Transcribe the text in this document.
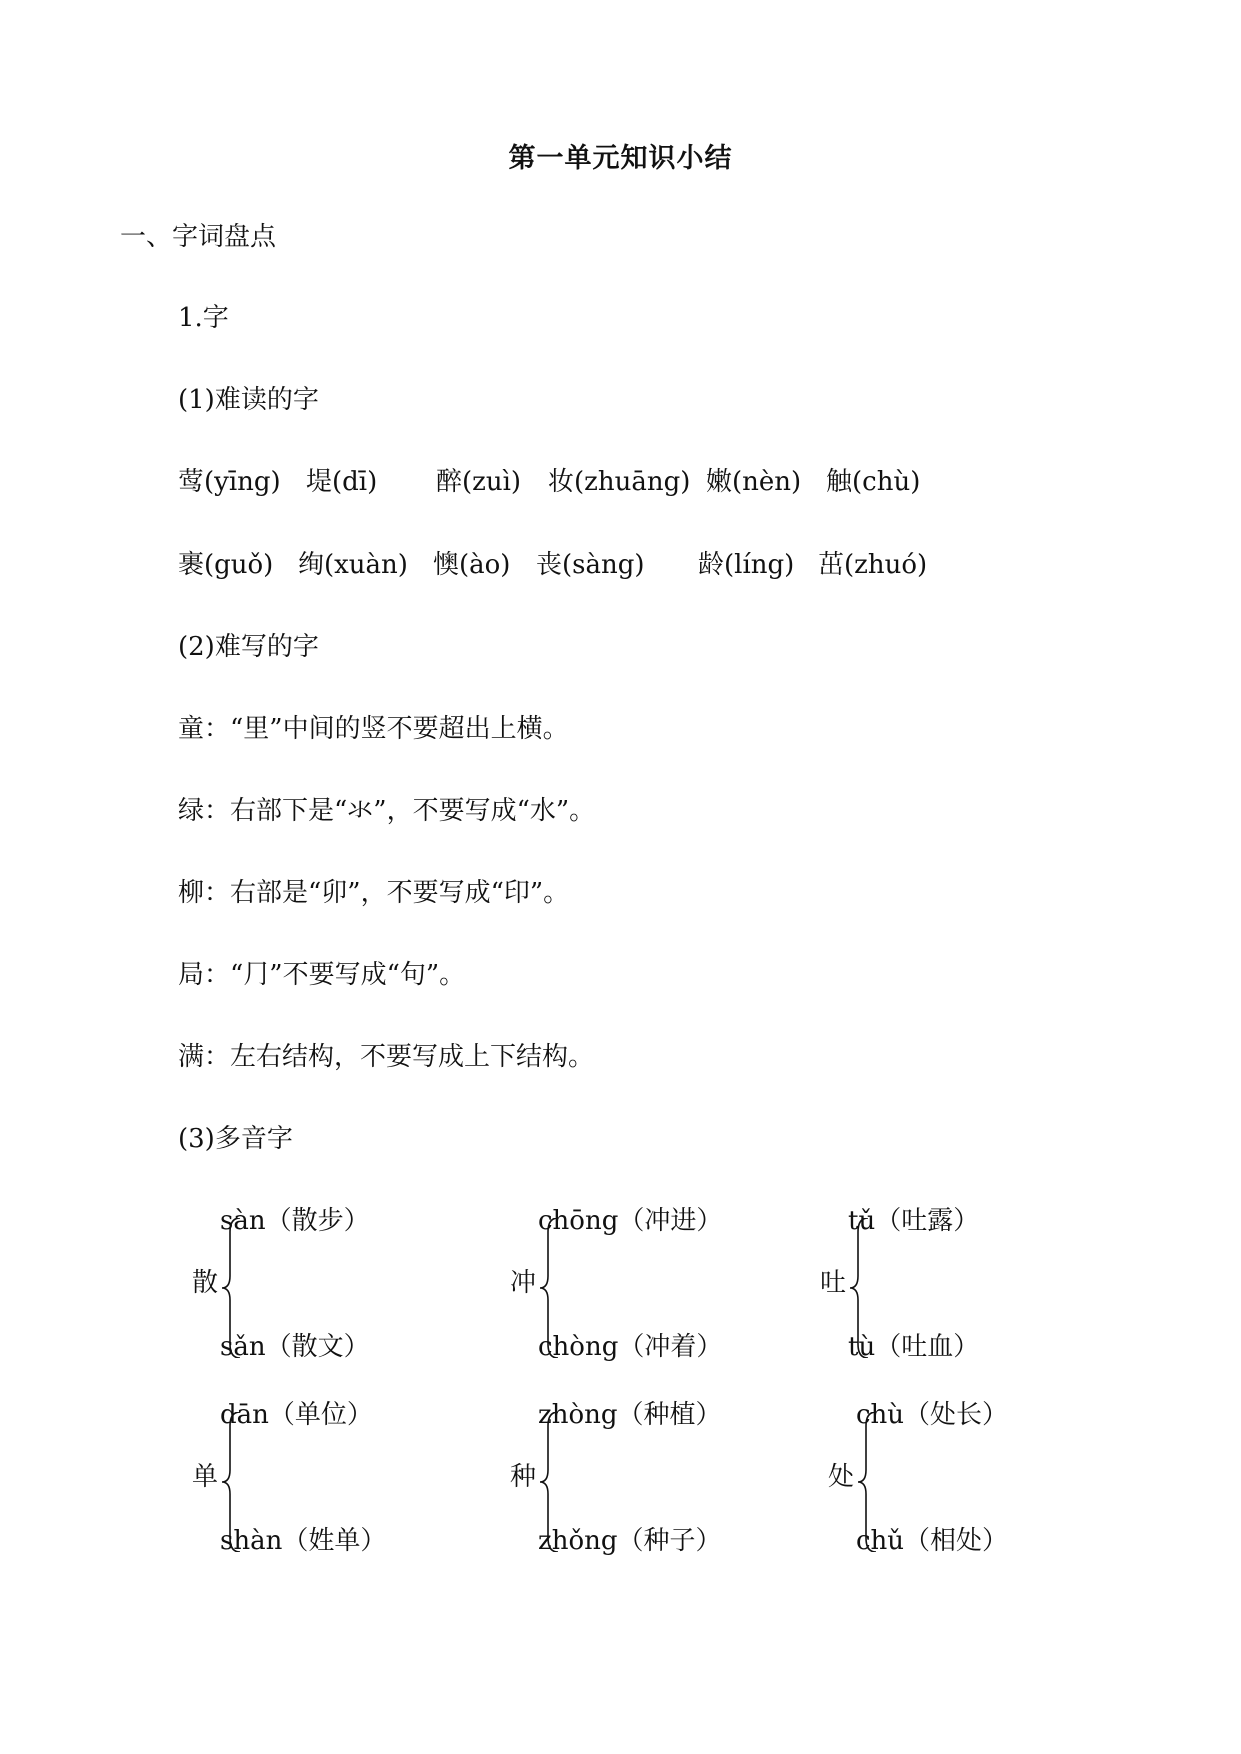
第一单元知识小结
一、字词盘点
1.字
(1)难读的字
莺(yīng) 堤(dī) 醉(zuì) 妆(zhuāng) 嫩(nèn) 触(chù)
裹(guǒ) 绚(xuàn) 懊(ào) 丧(sàng) 龄(líng) 茁(zhuó)
(2)难写的字
童：“里”中间的竖不要超出上横。
绿：右部下是“氺”，不要写成“水”。
柳：右部是“卯”，不要写成“印”。
局：“⺆”不要写成“句”。
满：左右结构，不要写成上下结构。
(3)多音字
散
sàn（散步）
sǎn（散文）
冲
chōng（冲进）
chòng（冲着）
吐
tǔ（吐露）
tù（吐血）
单
dān（单位）
shàn（姓单）
种
zhòng（种植）
zhǒng（种子）
处
chù（处长）
chǔ（相处）
